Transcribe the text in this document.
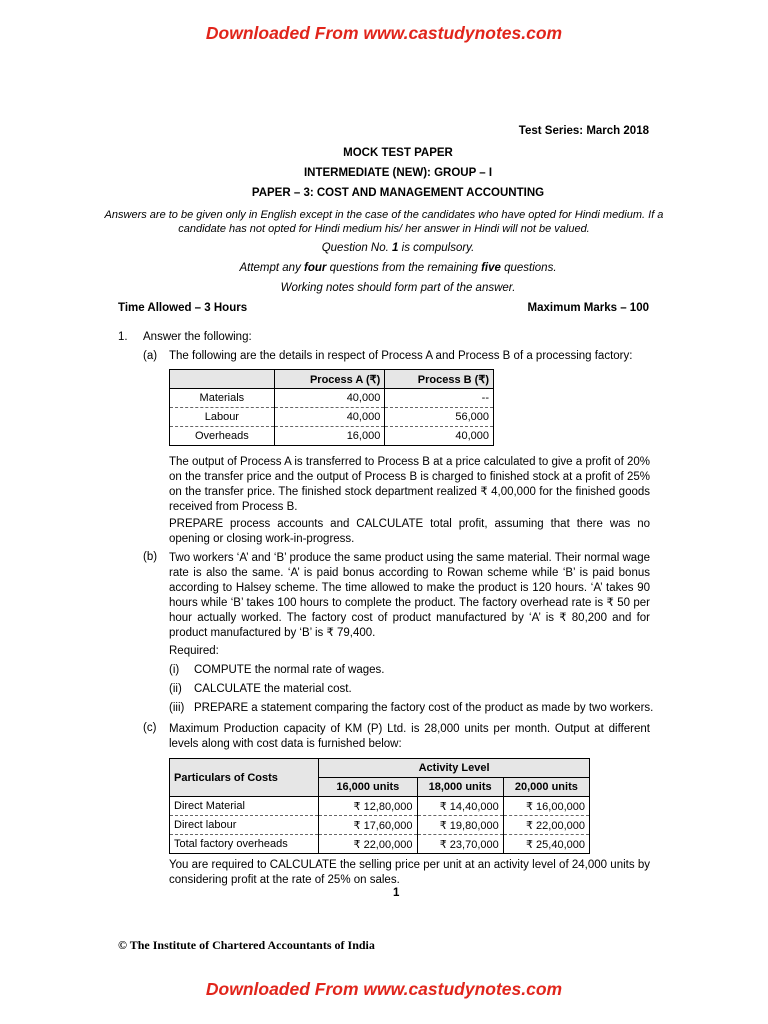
Downloaded From www.castudynotes.com
Test Series: March 2018
MOCK TEST PAPER
INTERMEDIATE (NEW): GROUP – I
PAPER – 3: COST AND MANAGEMENT ACCOUNTING
Answers are to be given only in English except in the case of the candidates who have opted for Hindi medium. If a
candidate has not opted for Hindi medium his/ her answer in Hindi will not be valued.
Question No. 1 is compulsory.
Attempt any four questions from the remaining five questions.
Working notes should form part of the answer.
Time Allowed – 3 Hours	Maximum Marks – 100
1. Answer the following:
(a) The following are the details in respect of Process A and Process B of a processing factory:
	Process A (₹)	Process B (₹)
Materials	40,000	--
Labour	40,000	56,000
Overheads	16,000	40,000
The output of Process A is transferred to Process B at a price calculated to give a profit of 20% on the transfer price and the output of Process B is charged to finished stock at a profit of 25% on the transfer price. The finished stock department realized ₹ 4,00,000 for the finished goods received from Process B.
PREPARE process accounts and CALCULATE total profit, assuming that there was no opening or closing work-in-progress.
(b) Two workers ‘A’ and ‘B’ produce the same product using the same material. Their normal wage rate is also the same. ‘A’ is paid bonus according to Rowan scheme while ‘B’ is paid bonus according to Halsey scheme. The time allowed to make the product is 120 hours. ‘A’ takes 90 hours while ‘B’ takes 100 hours to complete the product. The factory overhead rate is ₹ 50 per hour actually worked. The factory cost of product manufactured by ‘A’ is ₹ 80,200 and for product manufactured by ‘B’ is ₹ 79,400.
Required:
(i) COMPUTE the normal rate of wages.
(ii) CALCULATE the material cost.
(iii) PREPARE a statement comparing the factory cost of the product as made by two workers.
(c) Maximum Production capacity of KM (P) Ltd. is 28,000 units per month. Output at different levels along with cost data is furnished below:
Particulars of Costs	Activity Level		
	16,000 units	18,000 units	20,000 units
Direct Material	₹ 12,80,000	₹ 14,40,000	₹ 16,00,000
Direct labour	₹ 17,60,000	₹ 19,80,000	₹ 22,00,000
Total factory overheads	₹ 22,00,000	₹ 23,70,000	₹ 25,40,000
You are required to CALCULATE the selling price per unit at an activity level of 24,000 units by considering profit at the rate of 25% on sales.
1
© The Institute of Chartered Accountants of India
Downloaded From www.castudynotes.com
